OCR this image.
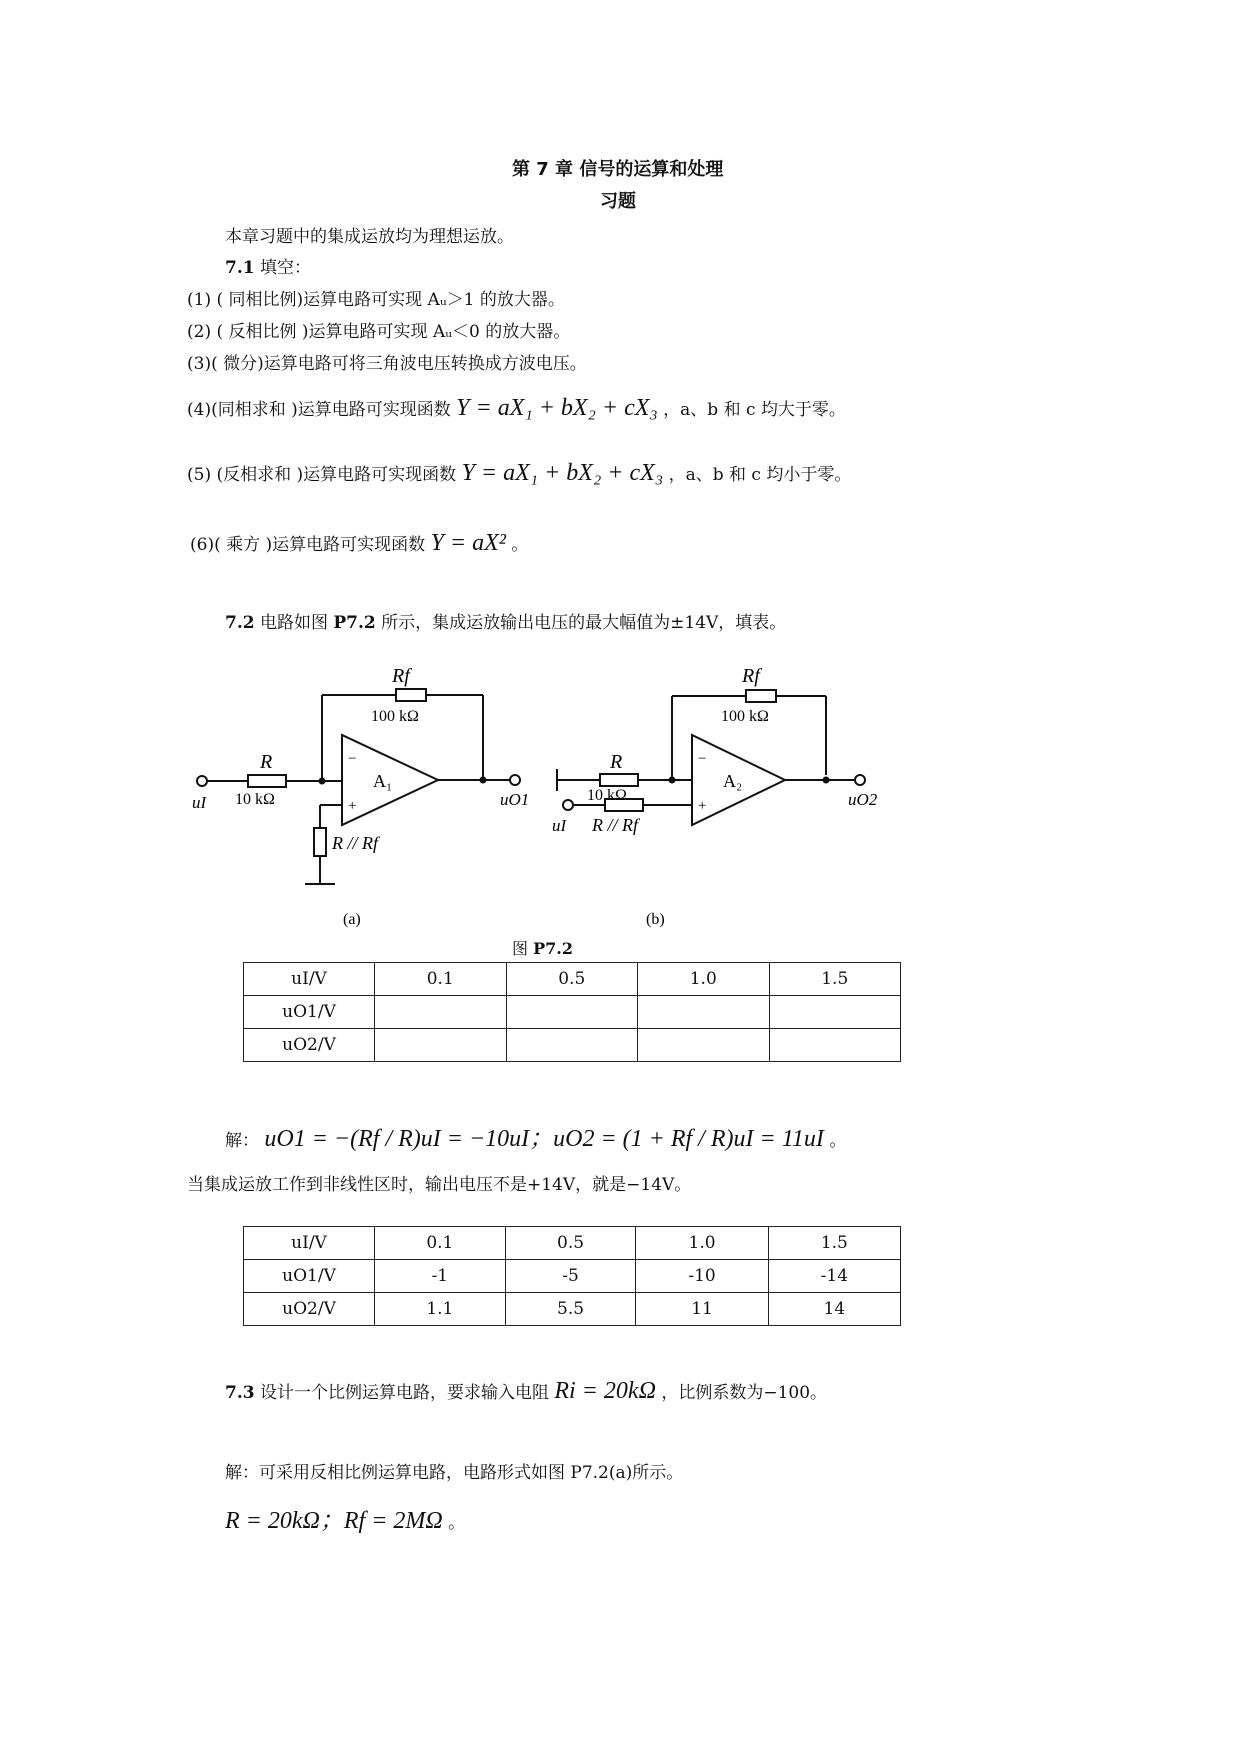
第 7 章 信号的运算和处理
习题
本章习题中的集成运放均为理想运放。
7.1 填空：
(1) ( 同相比例)运算电路可实现 Aᵤ＞1 的放大器。
(2) ( 反相比例 )运算电路可实现 Aᵤ＜0 的放大器。
(3)( 微分)运算电路可将三角波电压转换成方波电压。
(4)(同相求和 )运算电路可实现函数 Y = aX₁ + bX₂ + cX₃ ，a、b 和 c 均大于零。
(5) (反相求和 )运算电路可实现函数 Y = aX₁ + bX₂ + cX₃ ，a、b 和 c 均小于零。
(6)( 乘方 )运算电路可实现函数 Y = aX² 。
7.2 电路如图 P7.2 所示，集成运放输出电压的最大幅值为±14V，填表。
Rf
100 kΩ
R
10 kΩ
uI
A₁
−
+
R // Rf
uO1
(a)
Rf
100 kΩ
R
10 kΩ
A₂
−
+
uI R // Rf
uO2
(b)
图 P7.2
uI/V	0.1	0.5	1.0	1.5
uO1/V				
uO2/V				
解： uO1 = −(Rf / R)uI = −10uI；uO2 = (1 + Rf / R)uI = 11uI 。
当集成运放工作到非线性区时，输出电压不是+14V，就是−14V。
uI/V	0.1	0.5	1.0	1.5
uO1/V	-1	-5	-10	-14
uO2/V	1.1	5.5	11	14
7.3 设计一个比例运算电路，要求输入电阻 Ri = 20kΩ ，比例系数为−100。
解：可采用反相比例运算电路，电路形式如图 P7.2(a)所示。
R = 20kΩ；Rf = 2MΩ 。
